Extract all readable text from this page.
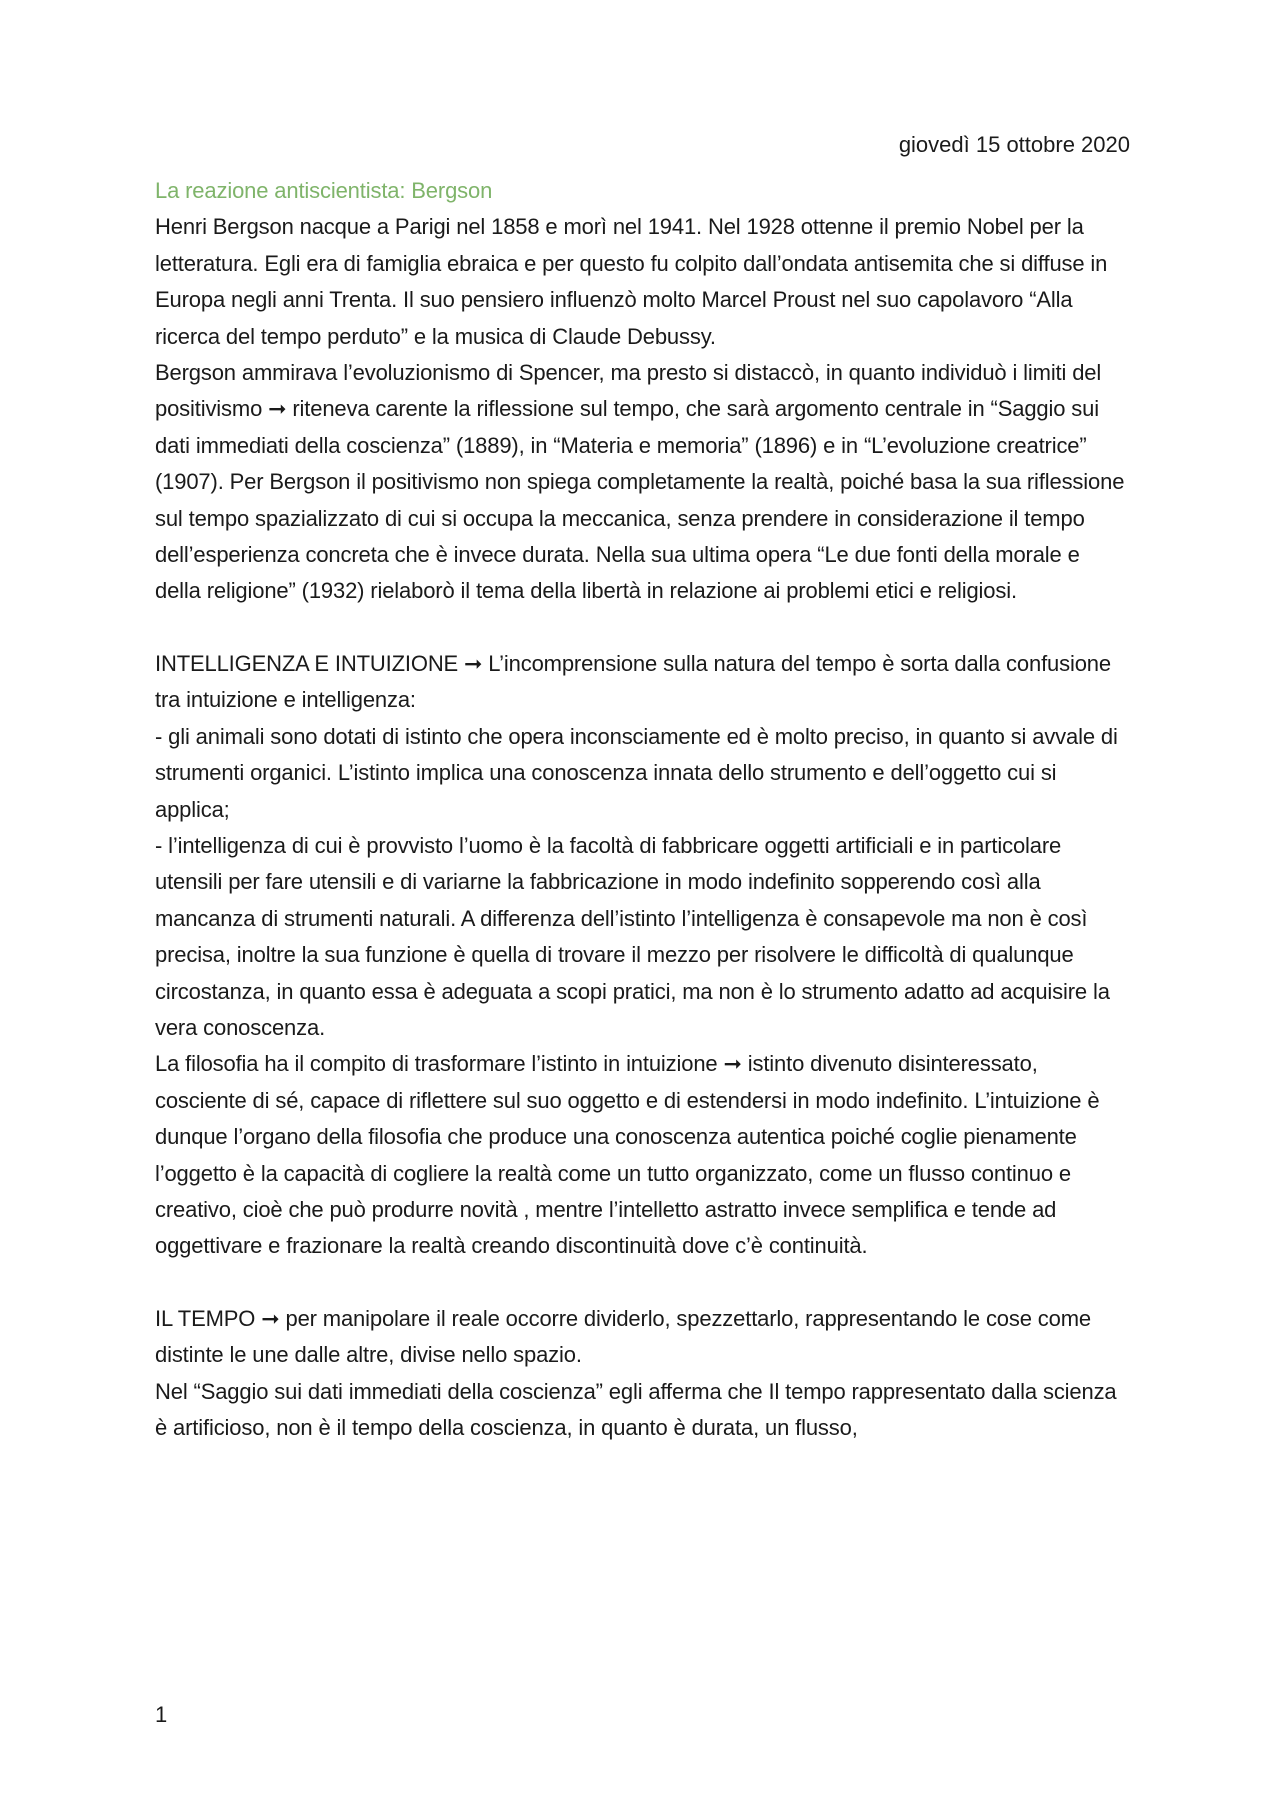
giovedì 15 ottobre 2020

La reazione antiscientista: Bergson

Henri Bergson nacque a Parigi nel 1858 e morì nel 1941. Nel 1928 ottenne il premio Nobel per la letteratura. Egli era di famiglia ebraica e per questo fu colpito dall’ondata antisemita che si diffuse in Europa negli anni Trenta. Il suo pensiero influenzò molto Marcel Proust nel suo capolavoro “Alla ricerca del tempo perduto” e la musica di Claude Debussy.

Bergson ammirava l’evoluzionismo di Spencer, ma presto si distaccò, in quanto individuò i limiti del positivismo ➞ riteneva carente la riflessione sul tempo, che sarà argomento centrale in “Saggio sui dati immediati della coscienza” (1889), in “Materia e memoria” (1896) e in “L’evoluzione creatrice” (1907). Per Bergson il positivismo non spiega completamente la realtà, poiché basa la sua riflessione sul tempo spazializzato di cui si occupa la meccanica, senza prendere in considerazione il tempo dell’esperienza concreta che è invece durata. Nella sua ultima opera “Le due fonti della morale e della religione” (1932) rielaborò il tema della libertà in relazione ai problemi etici e religiosi.

INTELLIGENZA E INTUIZIONE ➞ L’incomprensione sulla natura del tempo è sorta dalla confusione tra intuizione e intelligenza:

- gli animali sono dotati di istinto che opera inconsciamente ed è molto preciso, in quanto si avvale di strumenti organici. L’istinto implica una conoscenza innata dello strumento e dell’oggetto cui si applica;

- l’intelligenza di cui è provvisto l’uomo è la facoltà di fabbricare oggetti artificiali e in particolare utensili per fare utensili e di variarne la fabbricazione in modo indefinito sopperendo così alla mancanza di strumenti naturali. A differenza dell’istinto l’intelligenza è consapevole ma non è così precisa, inoltre la sua funzione è quella di trovare il mezzo per risolvere le difficoltà di qualunque circostanza, in quanto essa è adeguata a scopi pratici, ma non è lo strumento adatto ad acquisire la vera conoscenza.

La filosofia ha il compito di trasformare l’istinto in intuizione ➞ istinto divenuto disinteressato, cosciente di sé, capace di riflettere sul suo oggetto e di estendersi in modo indefinito. L’intuizione è dunque l’organo della filosofia che produce una conoscenza autentica poiché coglie pienamente l’oggetto è la capacità di cogliere la realtà come un tutto organizzato, come un flusso continuo e creativo, cioè che può produrre novità , mentre l’intelletto astratto invece semplifica e tende ad oggettivare e frazionare la realtà creando discontinuità dove c’è continuità.

IL TEMPO ➞ per manipolare il reale occorre dividerlo, spezzettarlo, rappresentando le cose come distinte le une dalle altre, divise nello spazio.

Nel “Saggio sui dati immediati della coscienza” egli afferma che Il tempo rappresentato dalla scienza è artificioso, non è il tempo della coscienza, in quanto è durata, un flusso,

1
